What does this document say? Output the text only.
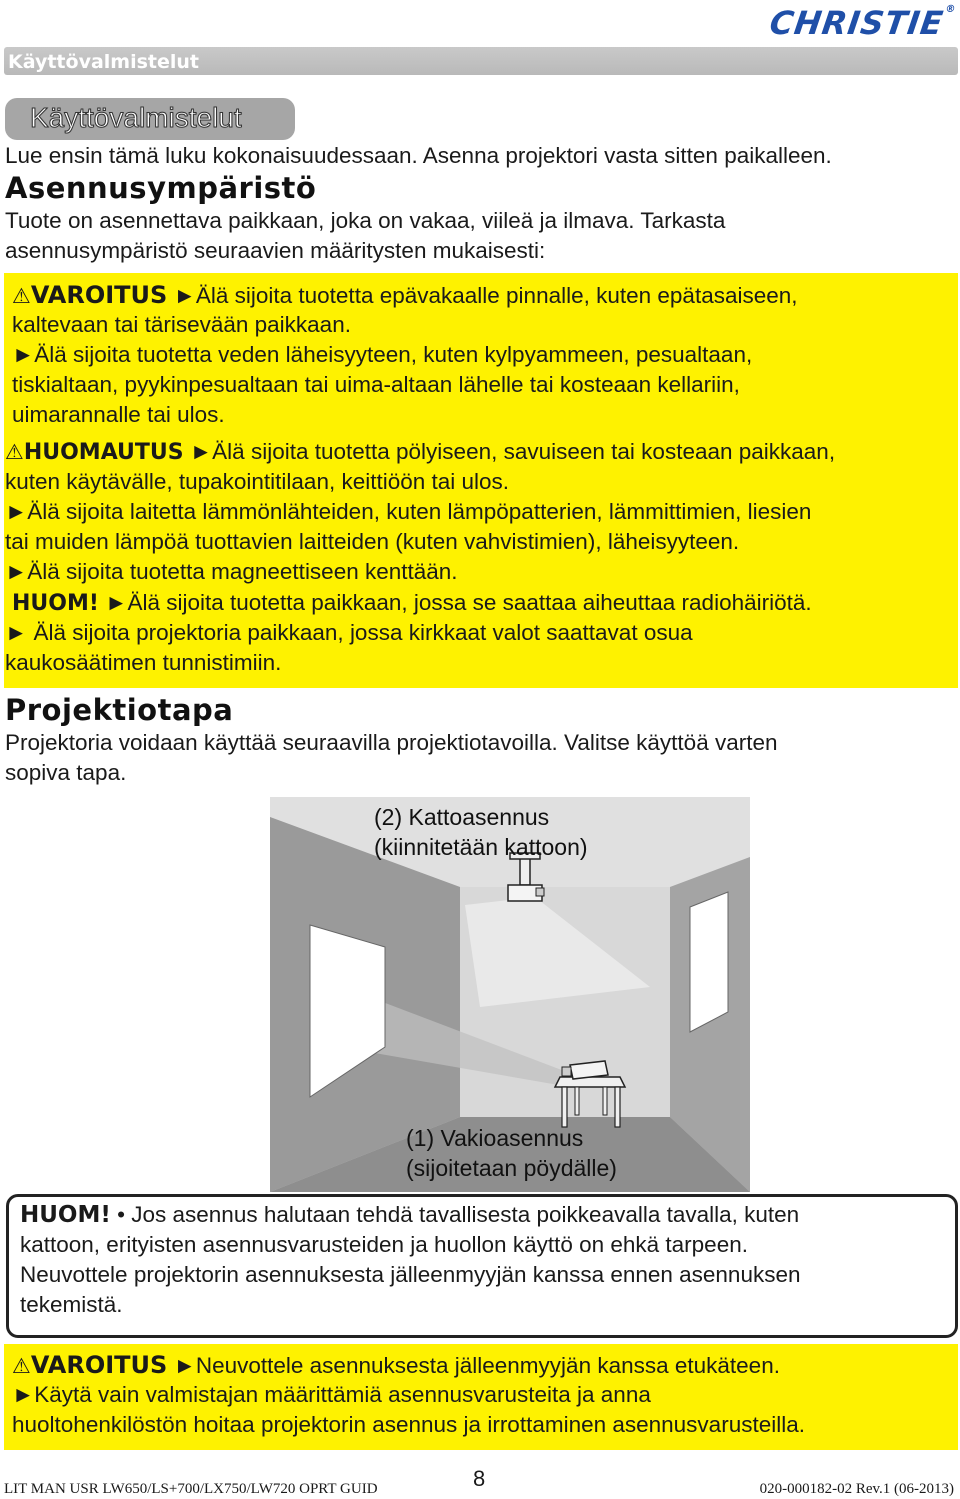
CHRISTIE®
Käyttövalmistelut
Käyttövalmistelut
Lue ensin tämä luku kokonaisuudessaan. Asenna projektori vasta sitten paikalleen.
Asennusympäristö
Tuote on asennettava paikkaan, joka on vakaa, viileä ja ilmava. Tarkasta
asennusympäristö seuraavien määritysten mukaisesti:
⚠VAROITUS ►Älä sijoita tuotetta epävakaalle pinnalle, kuten epätasaiseen,
kaltevaan tai tärisevään paikkaan.
►Älä sijoita tuotetta veden läheisyyteen, kuten kylpyammeen, pesualtaan,
tiskialtaan, pyykinpesualtaan tai uima-altaan lähelle tai kosteaan kellariin,
uimarannalle tai ulos.
⚠HUOMAUTUS ►Älä sijoita tuotetta pölyiseen, savuiseen tai kosteaan paikkaan,
kuten käytävälle, tupakointitilaan, keittiöön tai ulos.
►Älä sijoita laitetta lämmönlähteiden, kuten lämpöpatterien, lämmittimien, liesien
tai muiden lämpöä tuottavien laitteiden (kuten vahvistimien), läheisyyteen.
►Älä sijoita tuotetta magneettiseen kenttään.
HUOM! ►Älä sijoita tuotetta paikkaan, jossa se saattaa aiheuttaa radiohäiriötä.
► Älä sijoita projektoria paikkaan, jossa kirkkaat valot saattavat osua
kaukosäätimen tunnistimiin.
Projektiotapa
Projektoria voidaan käyttää seuraavilla projektiotavoilla. Valitse käyttöä varten
sopiva tapa.
(2) Kattoasennus
(kiinnitetään kattoon)
(1) Vakioasennus
(sijoitetaan pöydälle)
HUOM! • Jos asennus halutaan tehdä tavallisesta poikkeavalla tavalla, kuten
kattoon, erityisten asennusvarusteiden ja huollon käyttö on ehkä tarpeen.
Neuvottele projektorin asennuksesta jälleenmyyjän kanssa ennen asennuksen
tekemistä.
⚠VAROITUS ►Neuvottele asennuksesta jälleenmyyjän kanssa etukäteen.
►Käytä vain valmistajan määrittämiä asennusvarusteita ja anna
huoltohenkilöstön hoitaa projektorin asennus ja irrottaminen asennusvarusteilla.
LIT MAN USR LW650/LS+700/LX750/LW720 OPRT GUID	8	020-000182-02 Rev.1 (06-2013)
